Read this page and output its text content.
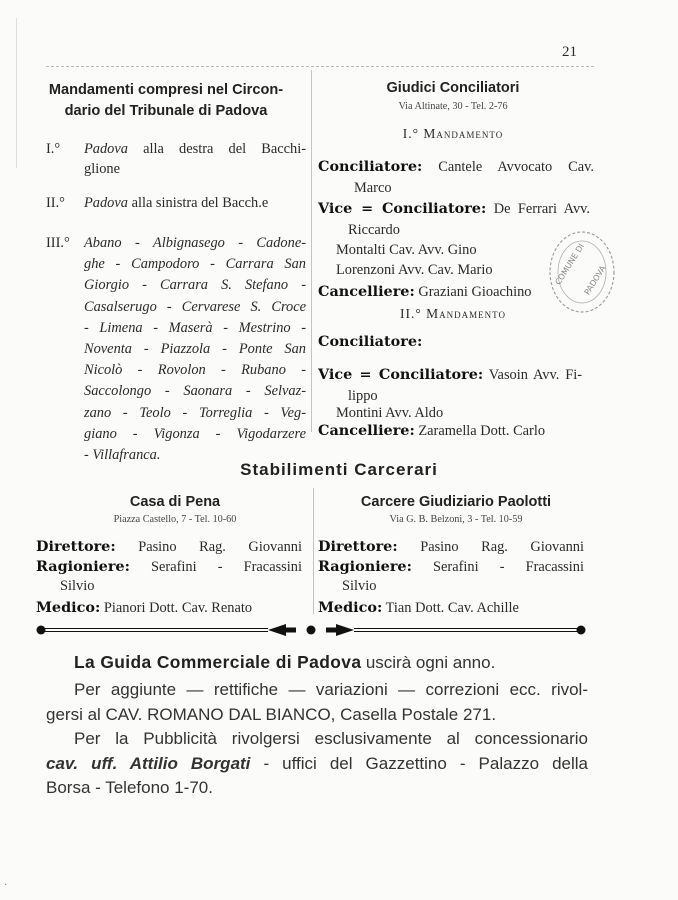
21
Mandamenti compresi nel Circon-
dario del Tribunale di Padova
I.°	Padova alla destra del Bacchi-
glione
II.°	Padova alla sinistra del Bacch.e
III.° Abano - Albignasego - Cadone-
ghe - Campodoro - Carrara San
Giorgio - Carrara S. Stefano -
Casalserugo - Cervarese S. Croce
- Limena - Maserà - Mestrino -
Noventa - Piazzola - Ponte San
Nicolò - Rovolon - Rubano -
Saccolongo - Saonara - Selvaz-
zano - Teolo - Torreglia - Veg-
giano - Vigonza - Vigodarzere
- Villafranca.
Giudici Conciliatori
Via Altinate, 30 - Tel. 2-76
I.° Mandamento
Conciliatore: Cantele Avvocato Cav.
Marco
Vice = Conciliatore: De Ferrari Avv.
Riccardo
Montalti Cav. Avv. Gino
Lorenzoni Avv. Cav. Mario
Cancelliere: Graziani Gioachino
II.° Mandamento
Conciliatore:
Vice = Conciliatore: Vasoin Avv. Fi-
lippo
Montini Avv. Aldo
Cancelliere: Zaramella Dott. Carlo
COMUNE DI
PADOVA
Stabilimenti Carcerari
Casa di Pena
Piazza Castello, 7 - Tel. 10-60
Direttore: Pasino Rag. Giovanni
Ragioniere: Serafini - Fracassini
Silvio
Medico: Pianori Dott. Cav. Renato
Carcere Giudiziario Paolotti
Via G. B. Belzoni, 3 - Tel. 10-59
Direttore: Pasino Rag. Giovanni
Ragioniere: Serafini - Fracassini
Silvio
Medico: Tian Dott. Cav. Achille
La Guida Commerciale di Padova uscirà ogni anno.
Per aggiunte — rettifiche — variazioni — correzioni ecc. rivol-
gersi al CAV. ROMANO DAL BIANCO, Casella Postale 271.
Per la Pubblicità rivolgersi esclusivamente al concessionario
cav. uff. Attilio Borgati - uffici del Gazzettino - Palazzo della
Borsa - Telefono 1-70.
·
